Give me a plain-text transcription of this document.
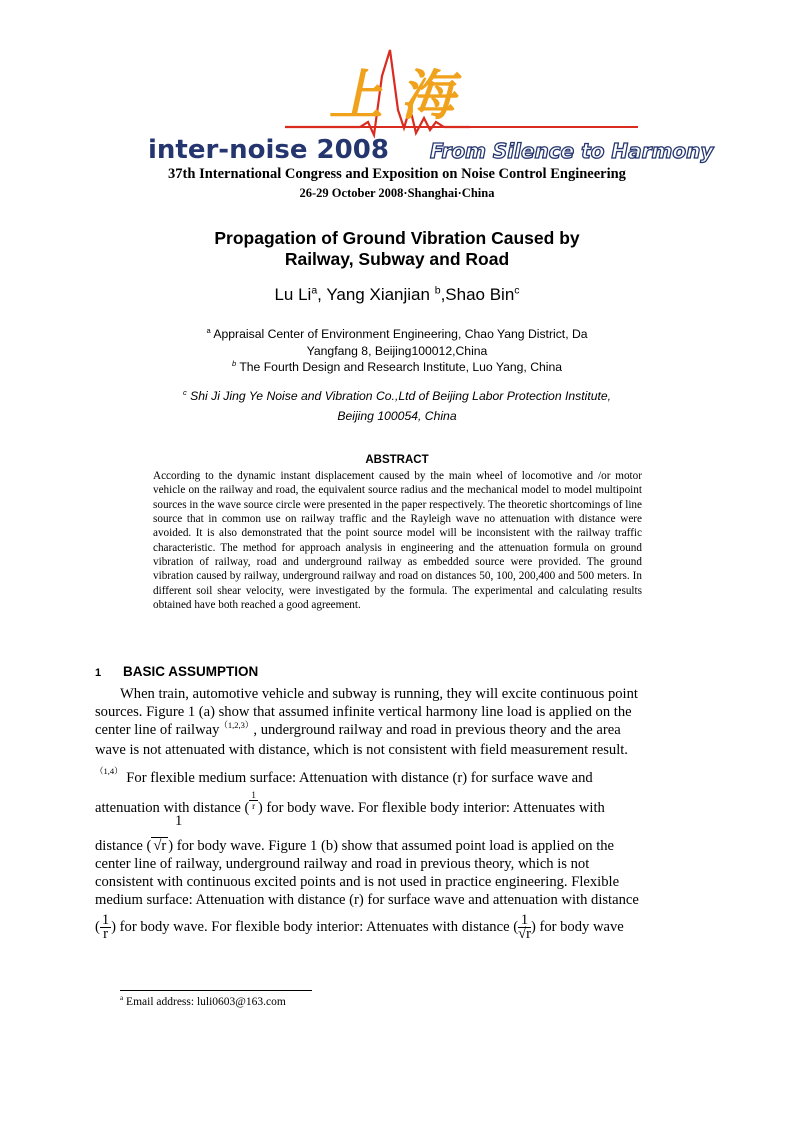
上海
inter-noise 2008 From Silence to Harmony
37th International Congress and Exposition on Noise Control Engineering
26-29 October 2008·Shanghai·China
Propagation of Ground Vibration Caused by
Railway, Subway and Road
Lu Li$^a$, Yang Xianjian $^b$,Shao Bin$^c$
$^a$ Appraisal Center of Environment Engineering, Chao Yang District, Da
Yangfang 8, Beijing100012,China
$^b$ The Fourth Design and Research Institute, Luo Yang, China
$^c$ Shi Ji Jing Ye Noise and Vibration Co.,Ltd of Beijing Labor Protection Institute,
Beijing 100054, China
ABSTRACT
According to the dynamic instant displacement caused by the main wheel of locomotive and /or motor vehicle on the railway and road, the equivalent source radius and the mechanical model to model multipoint sources in the wave source circle were presented in the paper respectively. The theoretic shortcomings of line source that in common use on railway traffic and the Rayleigh wave no attenuation with distance were avoided. It is also demonstrated that the point source model will be inconsistent with the railway traffic characteristic. The method for approach analysis in engineering and the attenuation formula on ground vibration of railway, road and underground railway as embedded source were provided. The ground vibration caused by railway, underground railway and road on distances 50, 100, 200,400 and 500 meters. In different soil shear velocity, were investigated by the formula. The experimental and calculating results obtained have both reached a good agreement.
1 BASIC ASSUMPTION
When train, automotive vehicle and subway is running, they will excite continuous point
sources. Figure 1 (a) show that assumed infinite vertical harmony line load is applied on the
center line of railway$^{(1,2,3)}$, underground railway and road in previous theory and the area
wave is not attenuated with distance, which is not consistent with field measurement result.
$^{(1,4)}$ For flexible medium surface: Attenuation with distance (r) for surface wave and
attenuation with distance ( $\frac{1}{r}$ ) for body wave. For flexible body interior: Attenuates with
1
distance ( √r ) for body wave. Figure 1 (b) show that assumed point load is applied on the
center line of railway, underground railway and road in previous theory, which is not
consistent with continuous excited points and is not used in practice engineering. Flexible
medium surface: Attenuation with distance (r) for surface wave and attenuation with distance
( $\frac{1}{r}$ ) for body wave. For flexible body interior: Attenuates with distance ( $\frac{1}{√r}$ ) for body wave
$^a$ Email address: luli0603@163.com
